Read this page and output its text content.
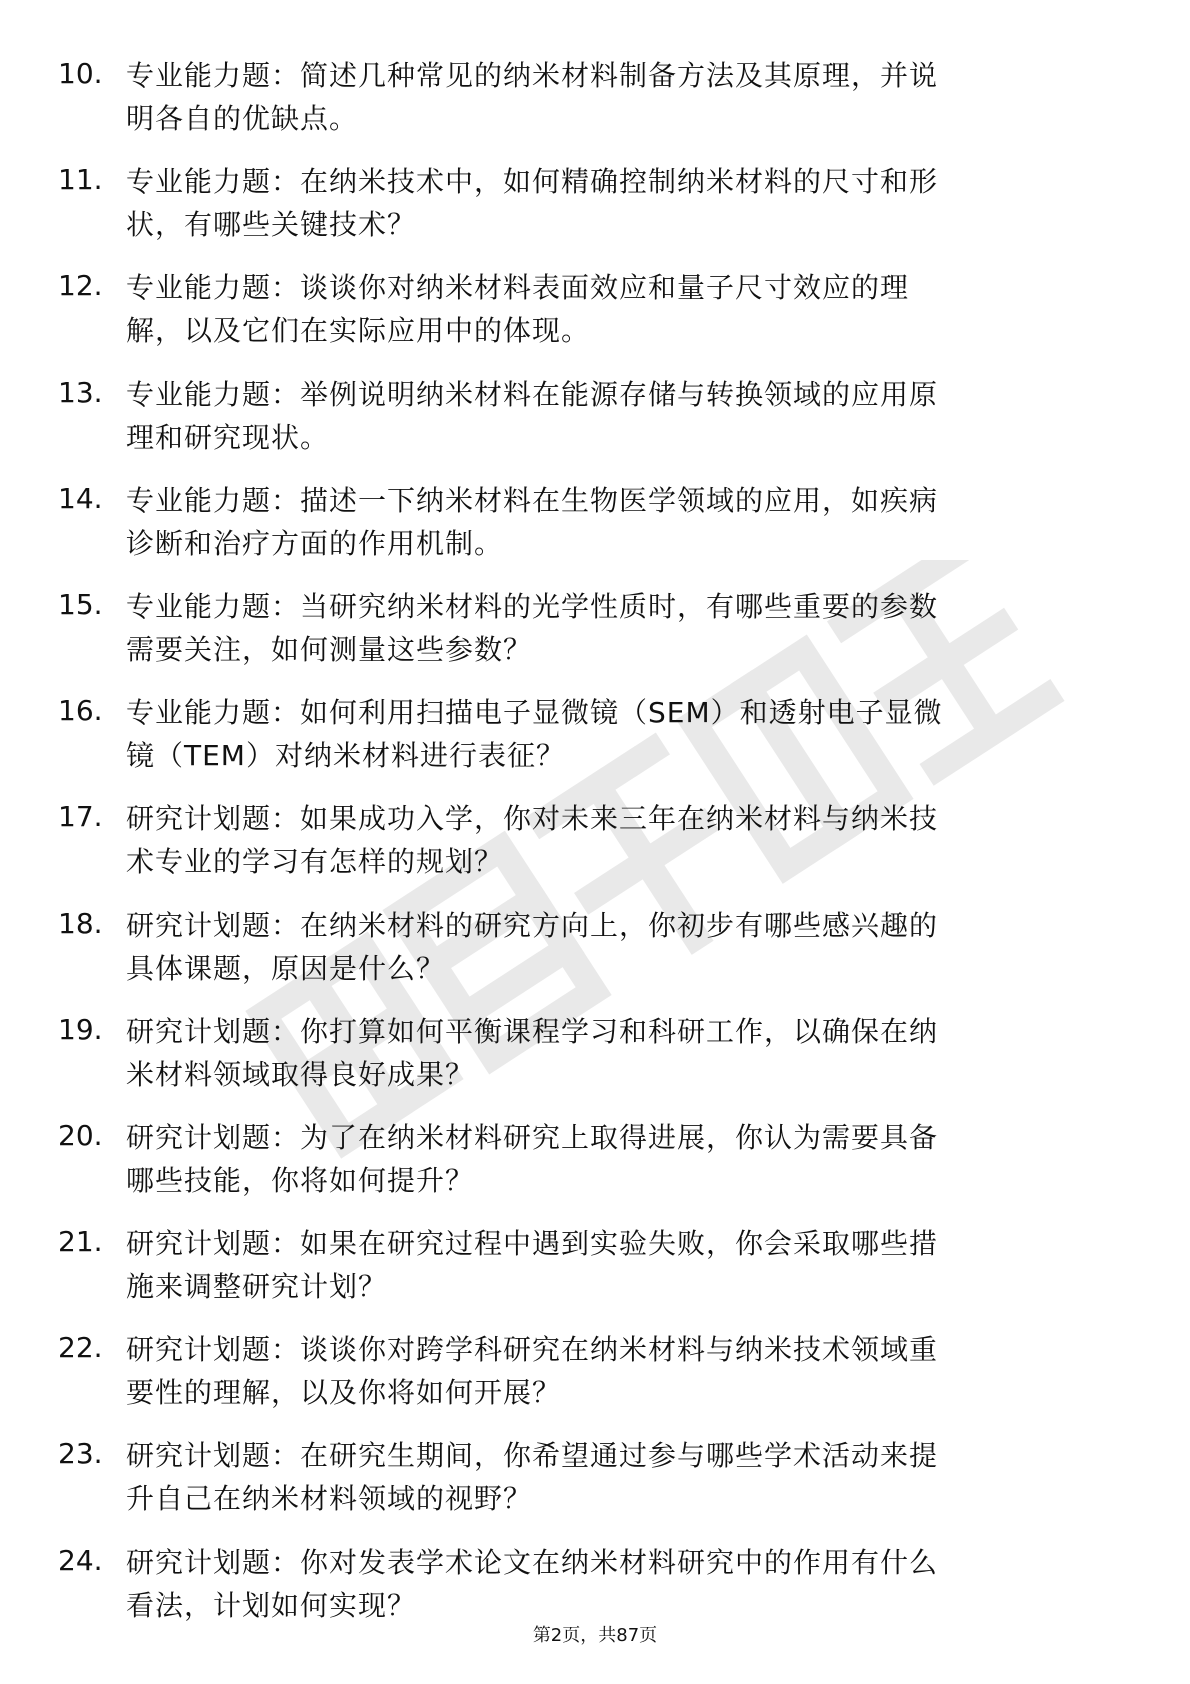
10. 专业能力题：简述几种常见的纳米材料制备方法及其原理，并说
明各自的优缺点。
11. 专业能力题：在纳米技术中，如何精确控制纳米材料的尺寸和形
状，有哪些关键技术？
12. 专业能力题：谈谈你对纳米材料表面效应和量子尺寸效应的理
解，以及它们在实际应用中的体现。
13. 专业能力题：举例说明纳米材料在能源存储与转换领域的应用原
理和研究现状。
14. 专业能力题：描述一下纳米材料在生物医学领域的应用，如疾病
诊断和治疗方面的作用机制。
15. 专业能力题：当研究纳米材料的光学性质时，有哪些重要的参数
需要关注，如何测量这些参数？
16. 专业能力题：如何利用扫描电子显微镜（SEM）和透射电子显微
镜（TEM）对纳米材料进行表征？
17. 研究计划题：如果成功入学，你对未来三年在纳米材料与纳米技
术专业的学习有怎样的规划？
18. 研究计划题：在纳米材料的研究方向上，你初步有哪些感兴趣的
具体课题，原因是什么？
19. 研究计划题：你打算如何平衡课程学习和科研工作，以确保在纳
米材料领域取得良好成果？
20. 研究计划题：为了在纳米材料研究上取得进展，你认为需要具备
哪些技能，你将如何提升？
21. 研究计划题：如果在研究过程中遇到实验失败，你会采取哪些措
施来调整研究计划？
22. 研究计划题：谈谈你对跨学科研究在纳米材料与纳米技术领域重
要性的理解，以及你将如何开展？
23. 研究计划题：在研究生期间，你希望通过参与哪些学术活动来提
升自己在纳米材料领域的视野？
24. 研究计划题：你对发表学术论文在纳米材料研究中的作用有什么
看法，计划如何实现？
第2页，共87页
